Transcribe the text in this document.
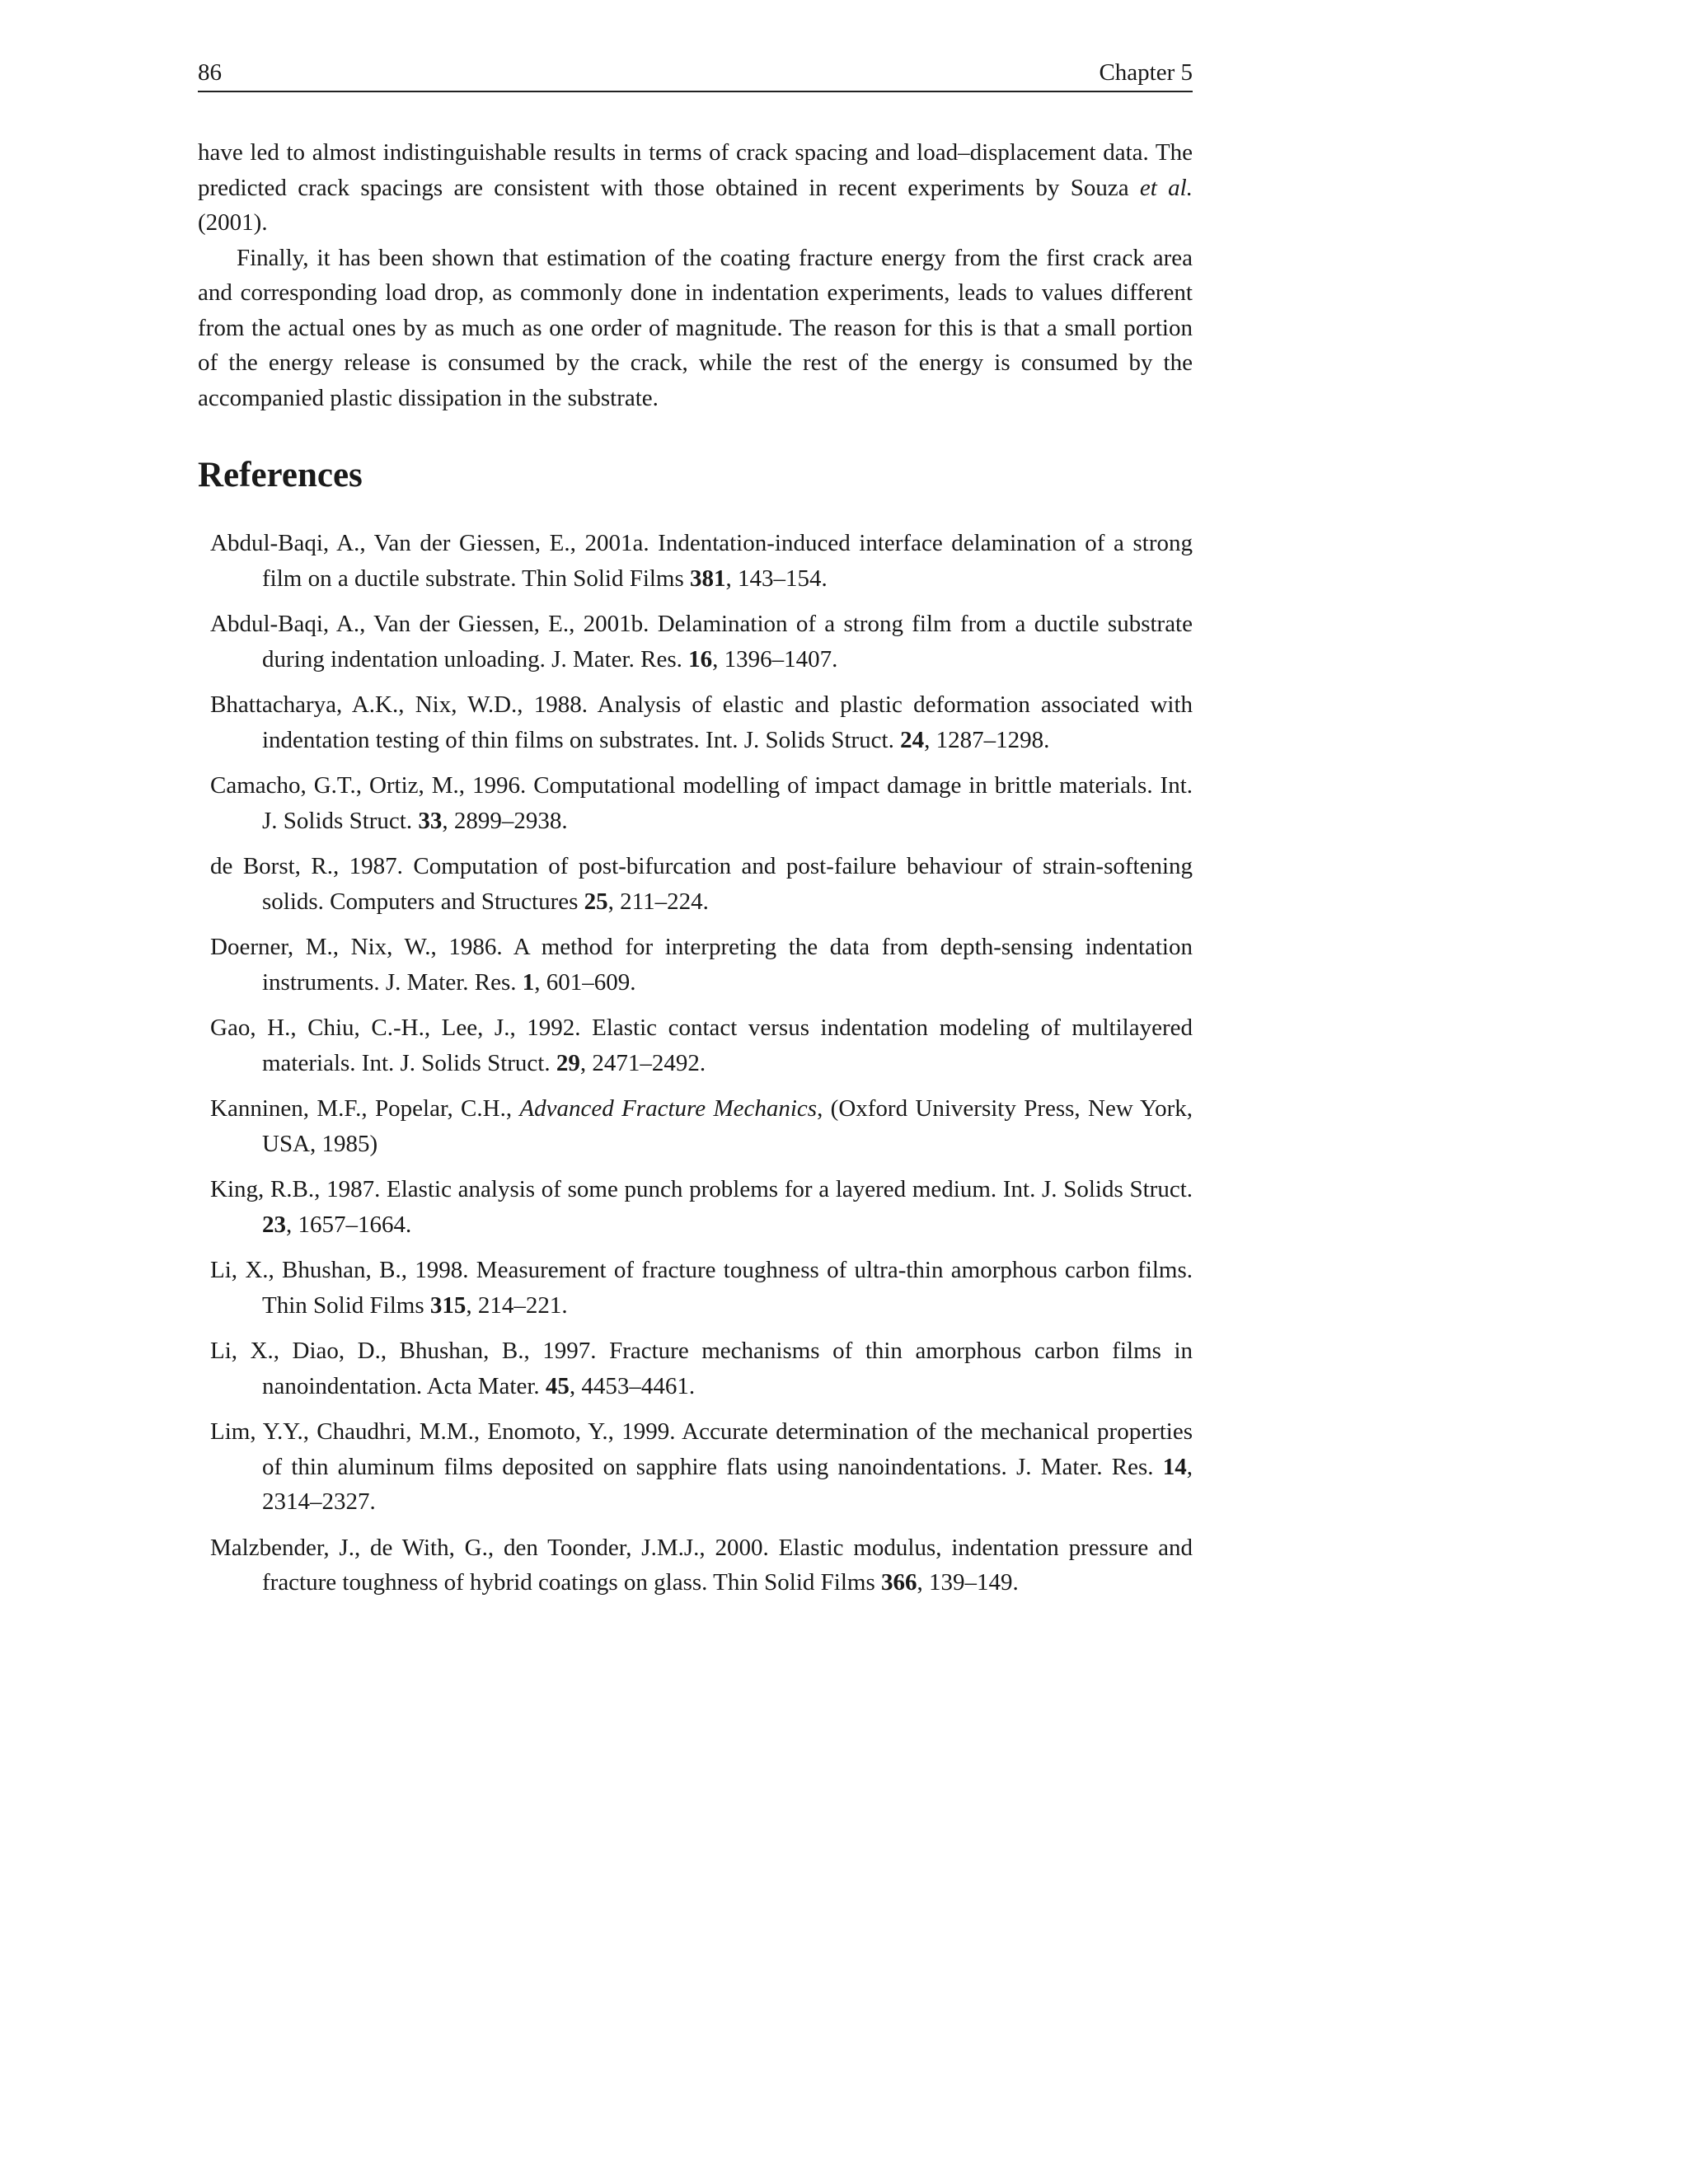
86	Chapter 5

have led to almost indistinguishable results in terms of crack spacing and load–displacement data. The predicted crack spacings are consistent with those obtained in recent experiments by Souza et al. (2001).

Finally, it has been shown that estimation of the coating fracture energy from the first crack area and corresponding load drop, as commonly done in indentation experiments, leads to values different from the actual ones by as much as one order of magnitude. The reason for this is that a small portion of the energy release is consumed by the crack, while the rest of the energy is consumed by the accompanied plastic dissipation in the substrate.

References
Abdul-Baqi, A., Van der Giessen, E., 2001a. Indentation-induced interface delamination of a strong film on a ductile substrate. Thin Solid Films 381, 143–154.
Abdul-Baqi, A., Van der Giessen, E., 2001b. Delamination of a strong film from a ductile substrate during indentation unloading. J. Mater. Res. 16, 1396–1407.
Bhattacharya, A.K., Nix, W.D., 1988. Analysis of elastic and plastic deformation associated with indentation testing of thin films on substrates. Int. J. Solids Struct. 24, 1287–1298.
Camacho, G.T., Ortiz, M., 1996. Computational modelling of impact damage in brittle materials. Int. J. Solids Struct. 33, 2899–2938.
de Borst, R., 1987. Computation of post-bifurcation and post-failure behaviour of strain-softening solids. Computers and Structures 25, 211–224.
Doerner, M., Nix, W., 1986. A method for interpreting the data from depth-sensing indentation instruments. J. Mater. Res. 1, 601–609.
Gao, H., Chiu, C.-H., Lee, J., 1992. Elastic contact versus indentation modeling of multilayered materials. Int. J. Solids Struct. 29, 2471–2492.
Kanninen, M.F., Popelar, C.H., Advanced Fracture Mechanics, (Oxford University Press, New York, USA, 1985)
King, R.B., 1987. Elastic analysis of some punch problems for a layered medium. Int. J. Solids Struct. 23, 1657–1664.
Li, X., Bhushan, B., 1998. Measurement of fracture toughness of ultra-thin amorphous carbon films. Thin Solid Films 315, 214–221.
Li, X., Diao, D., Bhushan, B., 1997. Fracture mechanisms of thin amorphous carbon films in nanoindentation. Acta Mater. 45, 4453–4461.
Lim, Y.Y., Chaudhri, M.M., Enomoto, Y., 1999. Accurate determination of the mechanical properties of thin aluminum films deposited on sapphire flats using nanoindentations. J. Mater. Res. 14, 2314–2327.
Malzbender, J., de With, G., den Toonder, J.M.J., 2000. Elastic modulus, indentation pressure and fracture toughness of hybrid coatings on glass. Thin Solid Films 366, 139–149.
